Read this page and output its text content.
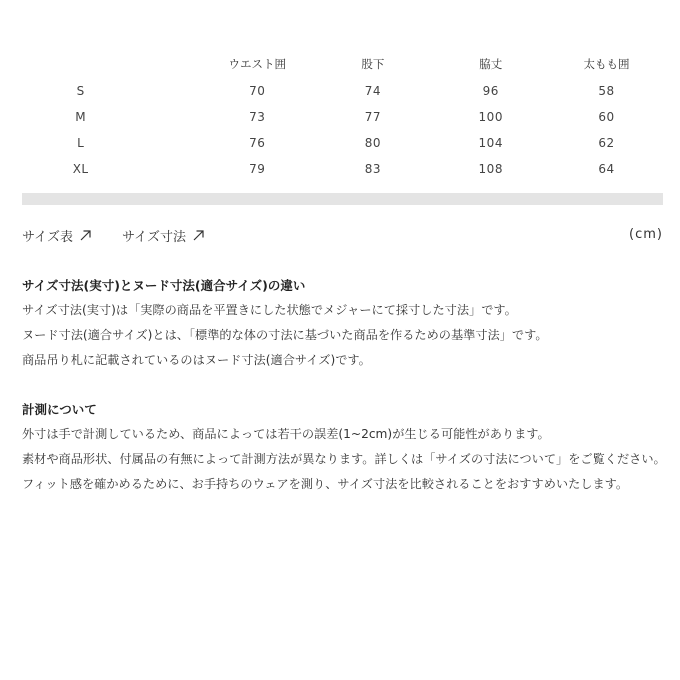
	ウエスト囲	股下	脇丈	太もも囲
S	70	74	96	58
M	73	77	100	60
L	76	80	104	62
XL	79	83	108	64
サイズ表	サイズ寸法	(cm)
サイズ寸法(実寸)とヌード寸法(適合サイズ)の違い

サイズ寸法(実寸)は「実際の商品を平置きにした状態でメジャーにて採寸した寸法」です。

ヌード寸法(適合サイズ)とは、「標準的な体の寸法に基づいた商品を作るための基準寸法」です。

商品吊り札に記載されているのはヌード寸法(適合サイズ)です。

計測について

外寸は手で計測しているため、商品によっては若干の誤差(1~2cm)が生じる可能性があります。

素材や商品形状、付属品の有無によって計測方法が異なります。詳しくは「サイズの寸法について」をご覧ください。

フィット感を確かめるために、お手持ちのウェアを測り、サイズ寸法を比較されることをおすすめいたします。
